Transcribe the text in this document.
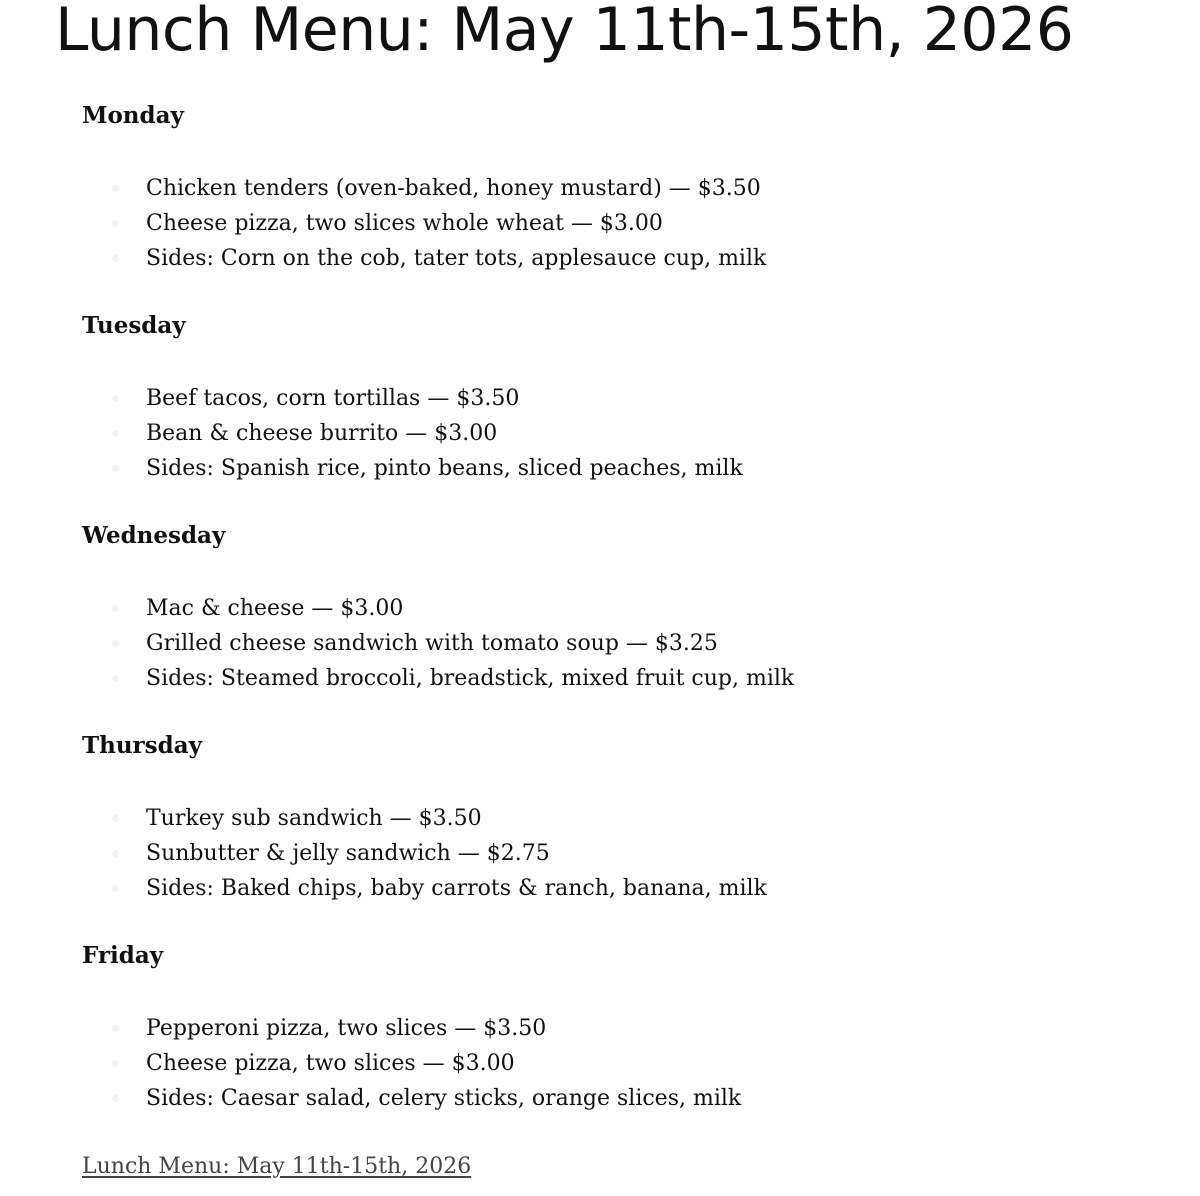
Lunch Menu: May 11th-15th, 2026
Monday
Chicken tenders (oven-baked, honey mustard) — $3.50
Cheese pizza, two slices whole wheat — $3.00
Sides: Corn on the cob, tater tots, applesauce cup, milk
Tuesday
Beef tacos, corn tortillas — $3.50
Bean & cheese burrito — $3.00
Sides: Spanish rice, pinto beans, sliced peaches, milk
Wednesday
Mac & cheese — $3.00
Grilled cheese sandwich with tomato soup — $3.25
Sides: Steamed broccoli, breadstick, mixed fruit cup, milk
Thursday
Turkey sub sandwich — $3.50
Sunbutter & jelly sandwich — $2.75
Sides: Baked chips, baby carrots & ranch, banana, milk
Friday
Pepperoni pizza, two slices — $3.50
Cheese pizza, two slices — $3.00
Sides: Caesar salad, celery sticks, orange slices, milk
Lunch Menu: May 11th-15th, 2026
